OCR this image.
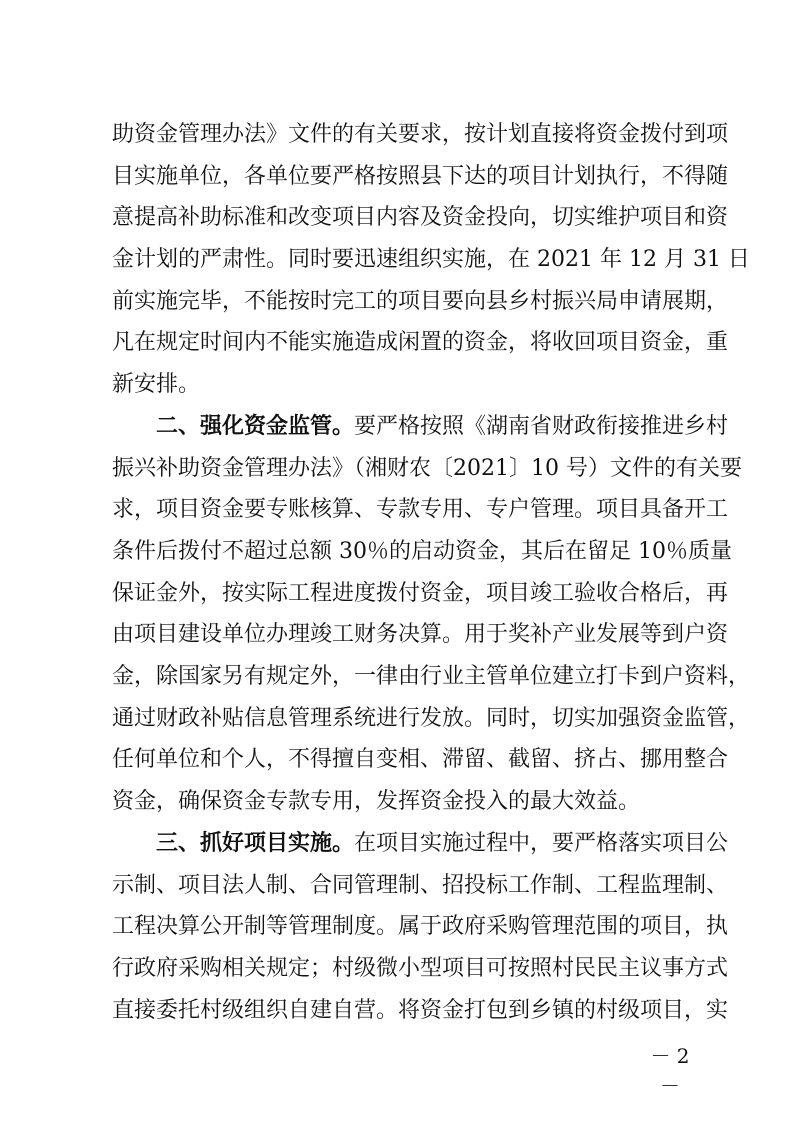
助资金管理办法》文件的有关要求，按计划直接将资金拨付到项
目实施单位，各单位要严格按照县下达的项目计划执行，不得随
意提高补助标准和改变项目内容及资金投向，切实维护项目和资
金计划的严肃性。同时要迅速组织实施，在 2021 年 12 月 31 日
前实施完毕，不能按时完工的项目要向县乡村振兴局申请展期，
凡在规定时间内不能实施造成闲置的资金，将收回项目资金，重
新安排。
二、强化资金监管。要严格按照《湖南省财政衔接推进乡村
振兴补助资金管理办法》（湘财农〔2021〕10 号）文件的有关要
求，项目资金要专账核算、专款专用、专户管理。项目具备开工
条件后拨付不超过总额 30％的启动资金，其后在留足 10％质量
保证金外，按实际工程进度拨付资金，项目竣工验收合格后，再
由项目建设单位办理竣工财务决算。用于奖补产业发展等到户资
金，除国家另有规定外，一律由行业主管单位建立打卡到户资料，
通过财政补贴信息管理系统进行发放。同时，切实加强资金监管，
任何单位和个人，不得擅自变相、滞留、截留、挤占、挪用整合
资金，确保资金专款专用，发挥资金投入的最大效益。
三、抓好项目实施。在项目实施过程中，要严格落实项目公
示制、项目法人制、合同管理制、招投标工作制、工程监理制、
工程决算公开制等管理制度。属于政府采购管理范围的项目，执
行政府采购相关规定；村级微小型项目可按照村民民主议事方式
直接委托村级组织自建自营。将资金打包到乡镇的村级项目，实
－ 2 －
